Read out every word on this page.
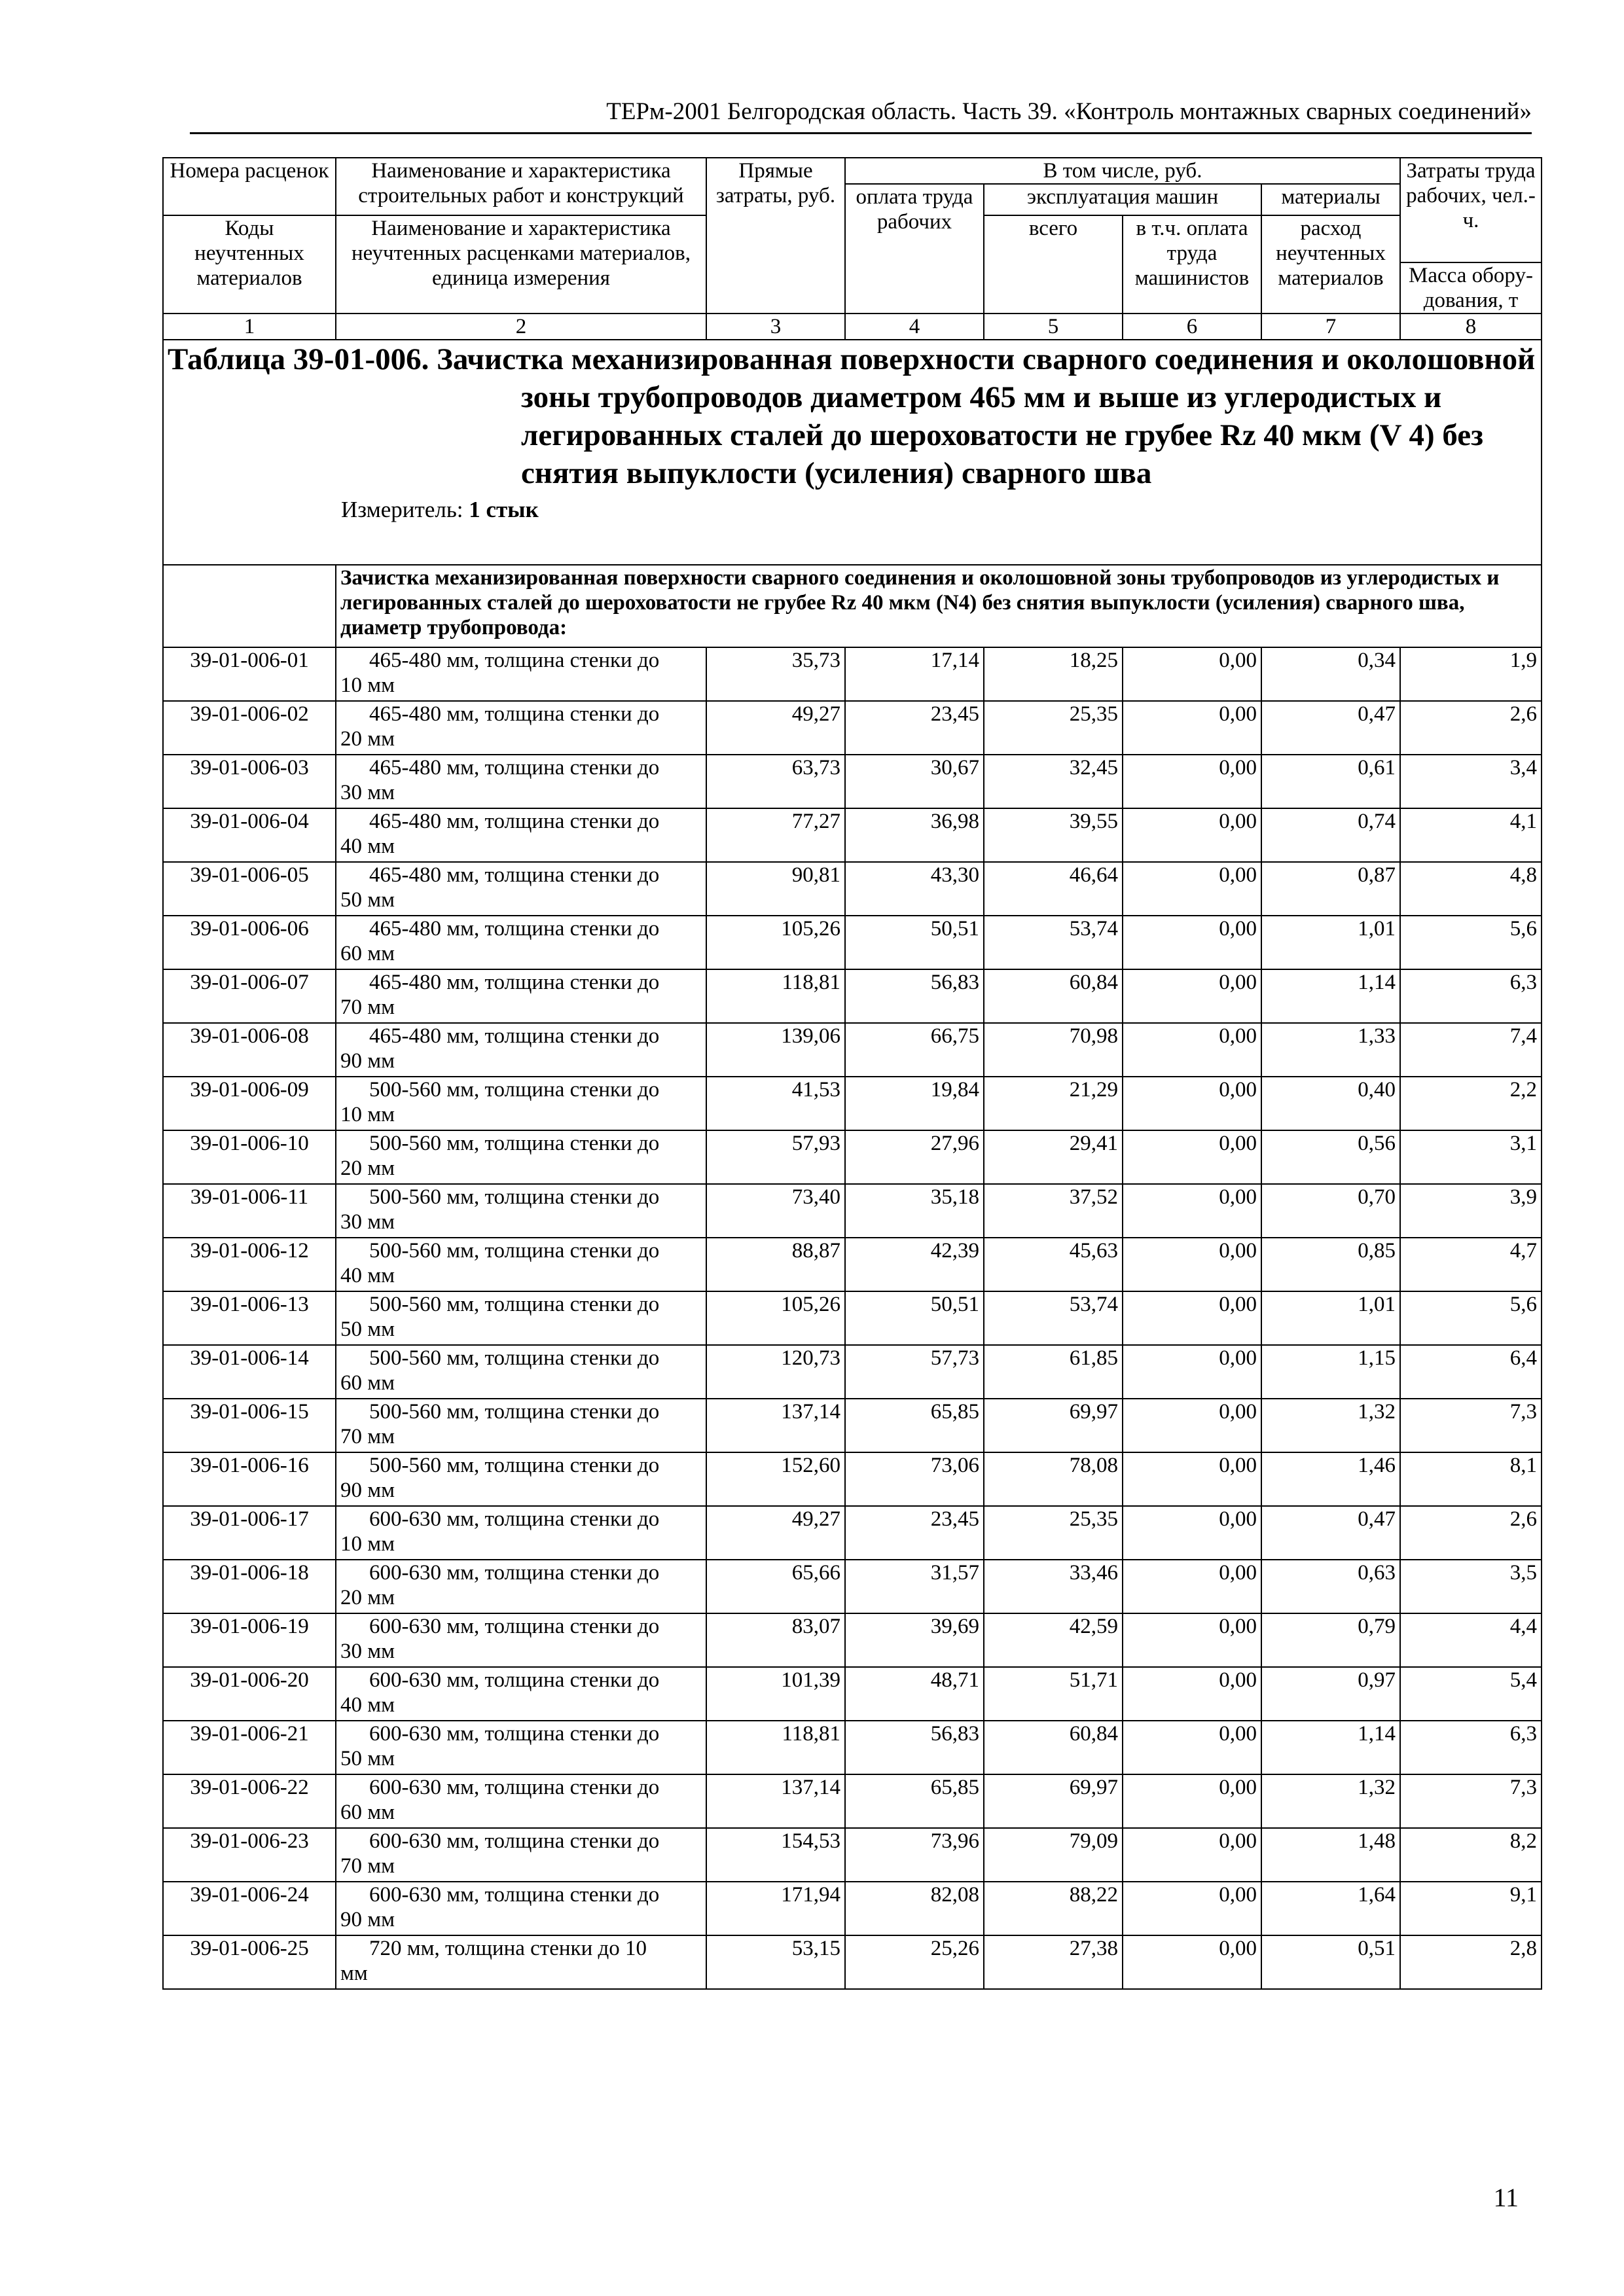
ТЕРм-2001 Белгородская область. Часть 39. «Контроль монтажных сварных соединений»
Номера расценок	Наименование и характеристика строительных работ и конструкций	Прямые затраты, руб.	В том числе, руб.				Затраты труда рабочих, чел.-ч.
			оплата труда рабочих	эксплуатация машин		материалы	
Коды неучтенных материалов	Наименование и характеристика неучтенных расценками материалов, единица измерения			всего	в т.ч. оплата труда машинистов	расход неучтенных материалов	
							Масса обору-дования, т
1	2	3	4	5	6	7	8

Таблица 39-01-006. Зачистка механизированная поверхности сварного соединения и околошовной зоны трубопроводов диаметром 465 мм и выше из углеродистых и легированных сталей до шероховатости не грубее Rz 40 мкм (V 4) без снятия выпуклости (усиления) сварного шва
Измеритель: 1 стык							

	Зачистка механизированная поверхности сварного соединения и околошовной зоны трубопроводов из углеродистых и легированных сталей до шероховатости не грубее Rz 40 мкм (N4) без снятия выпуклости (усиления) сварного шва, диаметр трубопровода:						
39-01-006-01	465-480 мм, толщина стенки до
10 мм	35,73	17,14	18,25	0,00	0,34	1,9
39-01-006-02	465-480 мм, толщина стенки до
20 мм	49,27	23,45	25,35	0,00	0,47	2,6
39-01-006-03	465-480 мм, толщина стенки до
30 мм	63,73	30,67	32,45	0,00	0,61	3,4
39-01-006-04	465-480 мм, толщина стенки до
40 мм	77,27	36,98	39,55	0,00	0,74	4,1
39-01-006-05	465-480 мм, толщина стенки до
50 мм	90,81	43,30	46,64	0,00	0,87	4,8
39-01-006-06	465-480 мм, толщина стенки до
60 мм	105,26	50,51	53,74	0,00	1,01	5,6
39-01-006-07	465-480 мм, толщина стенки до
70 мм	118,81	56,83	60,84	0,00	1,14	6,3
39-01-006-08	465-480 мм, толщина стенки до
90 мм	139,06	66,75	70,98	0,00	1,33	7,4
39-01-006-09	500-560 мм, толщина стенки до
10 мм	41,53	19,84	21,29	0,00	0,40	2,2
39-01-006-10	500-560 мм, толщина стенки до
20 мм	57,93	27,96	29,41	0,00	0,56	3,1
39-01-006-11	500-560 мм, толщина стенки до
30 мм	73,40	35,18	37,52	0,00	0,70	3,9
39-01-006-12	500-560 мм, толщина стенки до
40 мм	88,87	42,39	45,63	0,00	0,85	4,7
39-01-006-13	500-560 мм, толщина стенки до
50 мм	105,26	50,51	53,74	0,00	1,01	5,6
39-01-006-14	500-560 мм, толщина стенки до
60 мм	120,73	57,73	61,85	0,00	1,15	6,4
39-01-006-15	500-560 мм, толщина стенки до
70 мм	137,14	65,85	69,97	0,00	1,32	7,3
39-01-006-16	500-560 мм, толщина стенки до
90 мм	152,60	73,06	78,08	0,00	1,46	8,1
39-01-006-17	600-630 мм, толщина стенки до
10 мм	49,27	23,45	25,35	0,00	0,47	2,6
39-01-006-18	600-630 мм, толщина стенки до
20 мм	65,66	31,57	33,46	0,00	0,63	3,5
39-01-006-19	600-630 мм, толщина стенки до
30 мм	83,07	39,69	42,59	0,00	0,79	4,4
39-01-006-20	600-630 мм, толщина стенки до
40 мм	101,39	48,71	51,71	0,00	0,97	5,4
39-01-006-21	600-630 мм, толщина стенки до
50 мм	118,81	56,83	60,84	0,00	1,14	6,3
39-01-006-22	600-630 мм, толщина стенки до
60 мм	137,14	65,85	69,97	0,00	1,32	7,3
39-01-006-23	600-630 мм, толщина стенки до
70 мм	154,53	73,96	79,09	0,00	1,48	8,2
39-01-006-24	600-630 мм, толщина стенки до
90 мм	171,94	82,08	88,22	0,00	1,64	9,1
39-01-006-25	720 мм, толщина стенки до 10
мм	53,15	25,26	27,38	0,00	0,51	2,8
11
